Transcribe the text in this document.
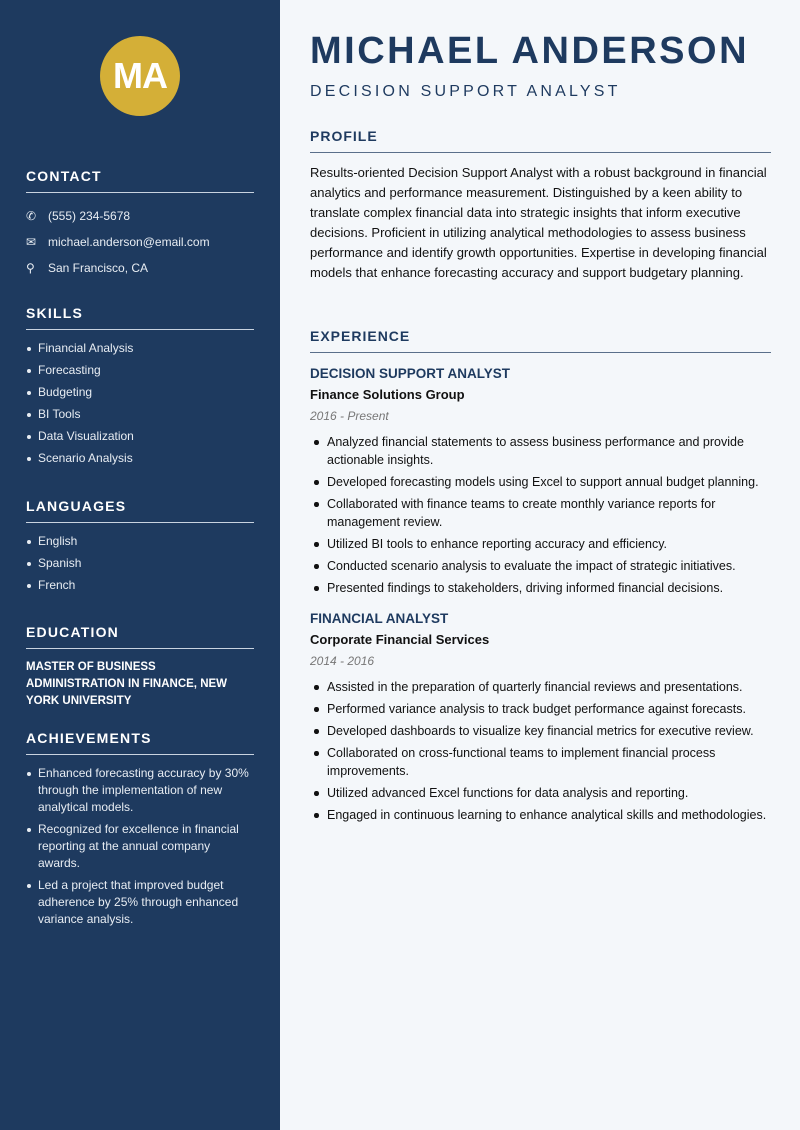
MA
CONTACT
✆ (555) 234-5678
✉ michael.anderson@email.com
⚲	San Francisco, CA
SKILLS
Financial Analysis
Forecasting
Budgeting
BI Tools
Data Visualization
Scenario Analysis
LANGUAGES
English
Spanish
French
EDUCATION
MASTER OF BUSINESS ADMINISTRATION IN FINANCE, NEW YORK UNIVERSITY
ACHIEVEMENTS
Enhanced forecasting accuracy by 30% through the implementation of new analytical models.
Recognized for excellence in financial reporting at the annual company awards.
Led a project that improved budget adherence by 25% through enhanced variance analysis.
MICHAEL ANDERSON
DECISION SUPPORT ANALYST
PROFILE

Results-oriented Decision Support Analyst with a robust background in financial analytics and performance measurement. Distinguished by a keen ability to translate complex financial data into strategic insights that inform executive decisions. Proficient in utilizing analytical methodologies to assess business performance and identify growth opportunities. Expertise in developing financial models that enhance forecasting accuracy and support budgetary planning.

EXPERIENCE
DECISION SUPPORT ANALYST
Finance Solutions Group
2016 - Present
Analyzed financial statements to assess business performance and provide actionable insights.
Developed forecasting models using Excel to support annual budget planning.
Collaborated with finance teams to create monthly variance reports for management review.
Utilized BI tools to enhance reporting accuracy and efficiency.
Conducted scenario analysis to evaluate the impact of strategic initiatives.
Presented findings to stakeholders, driving informed financial decisions.
FINANCIAL ANALYST
Corporate Financial Services
2014 - 2016
Assisted in the preparation of quarterly financial reviews and presentations.
Performed variance analysis to track budget performance against forecasts.
Developed dashboards to visualize key financial metrics for executive review.
Collaborated on cross-functional teams to implement financial process improvements.
Utilized advanced Excel functions for data analysis and reporting.
Engaged in continuous learning to enhance analytical skills and methodologies.
